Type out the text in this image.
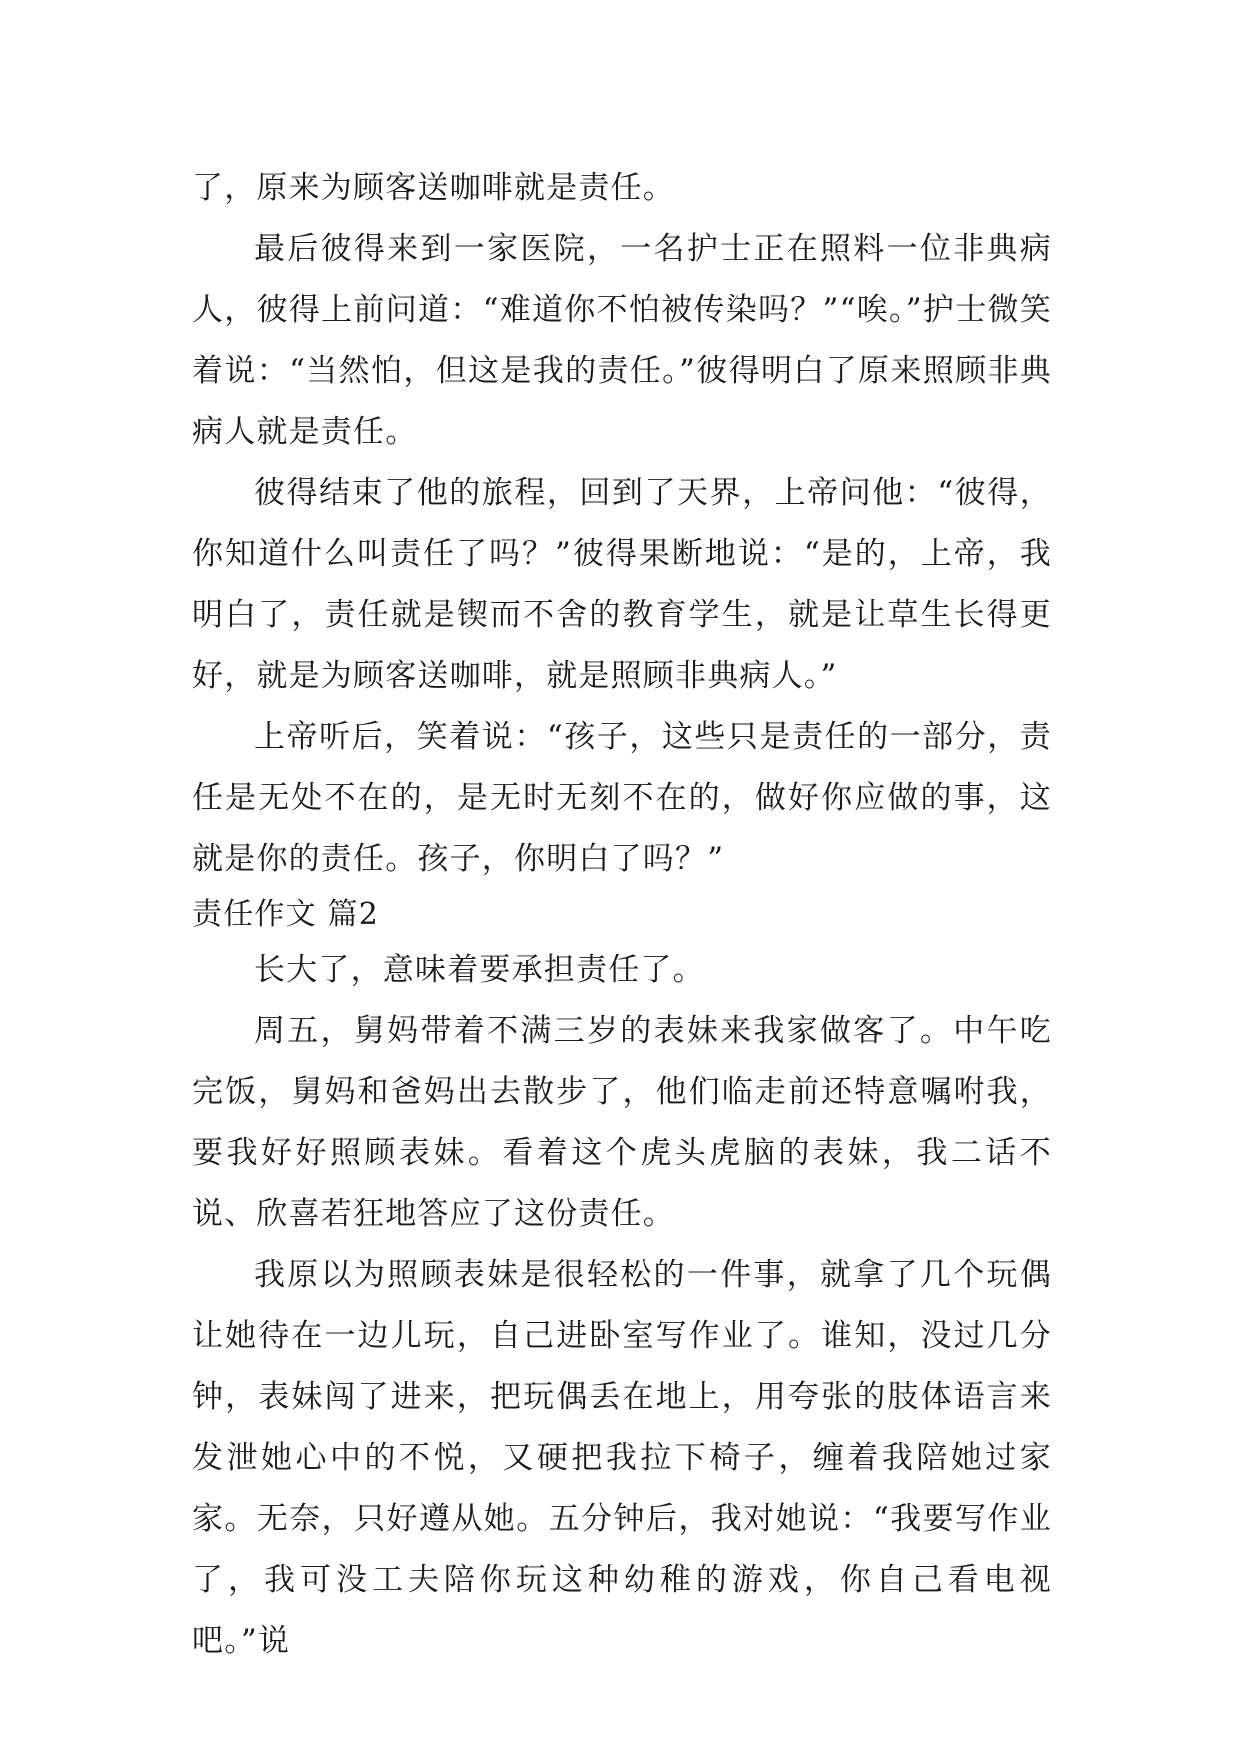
了，原来为顾客送咖啡就是责任。

最后彼得来到一家医院，一名护士正在照料一位非典病人，彼得上前问道：“难道你不怕被传染吗？”“唉。”护士微笑着说：“当然怕，但这是我的责任。”彼得明白了原来照顾非典病人就是责任。

彼得结束了他的旅程，回到了天界，上帝问他：“彼得，你知道什么叫责任了吗？”彼得果断地说：“是的，上帝，我明白了，责任就是锲而不舍的教育学生，就是让草生长得更好，就是为顾客送咖啡，就是照顾非典病人。”

上帝听后，笑着说：“孩子，这些只是责任的一部分，责任是无处不在的，是无时无刻不在的，做好你应做的事，这就是你的责任。孩子，你明白了吗？”

责任作文 篇2

长大了，意味着要承担责任了。

周五，舅妈带着不满三岁的表妹来我家做客了。中午吃完饭，舅妈和爸妈出去散步了，他们临走前还特意嘱咐我，要我好好照顾表妹。看着这个虎头虎脑的表妹，我二话不说、欣喜若狂地答应了这份责任。

我原以为照顾表妹是很轻松的一件事，就拿了几个玩偶让她待在一边儿玩，自己进卧室写作业了。谁知，没过几分钟，表妹闯了进来，把玩偶丢在地上，用夸张的肢体语言来发泄她心中的不悦，又硬把我拉下椅子，缠着我陪她过家家。无奈，只好遵从她。五分钟后，我对她说：“我要写作业了，我可没工夫陪你玩这种幼稚的游戏，你自己看电视吧。”说
